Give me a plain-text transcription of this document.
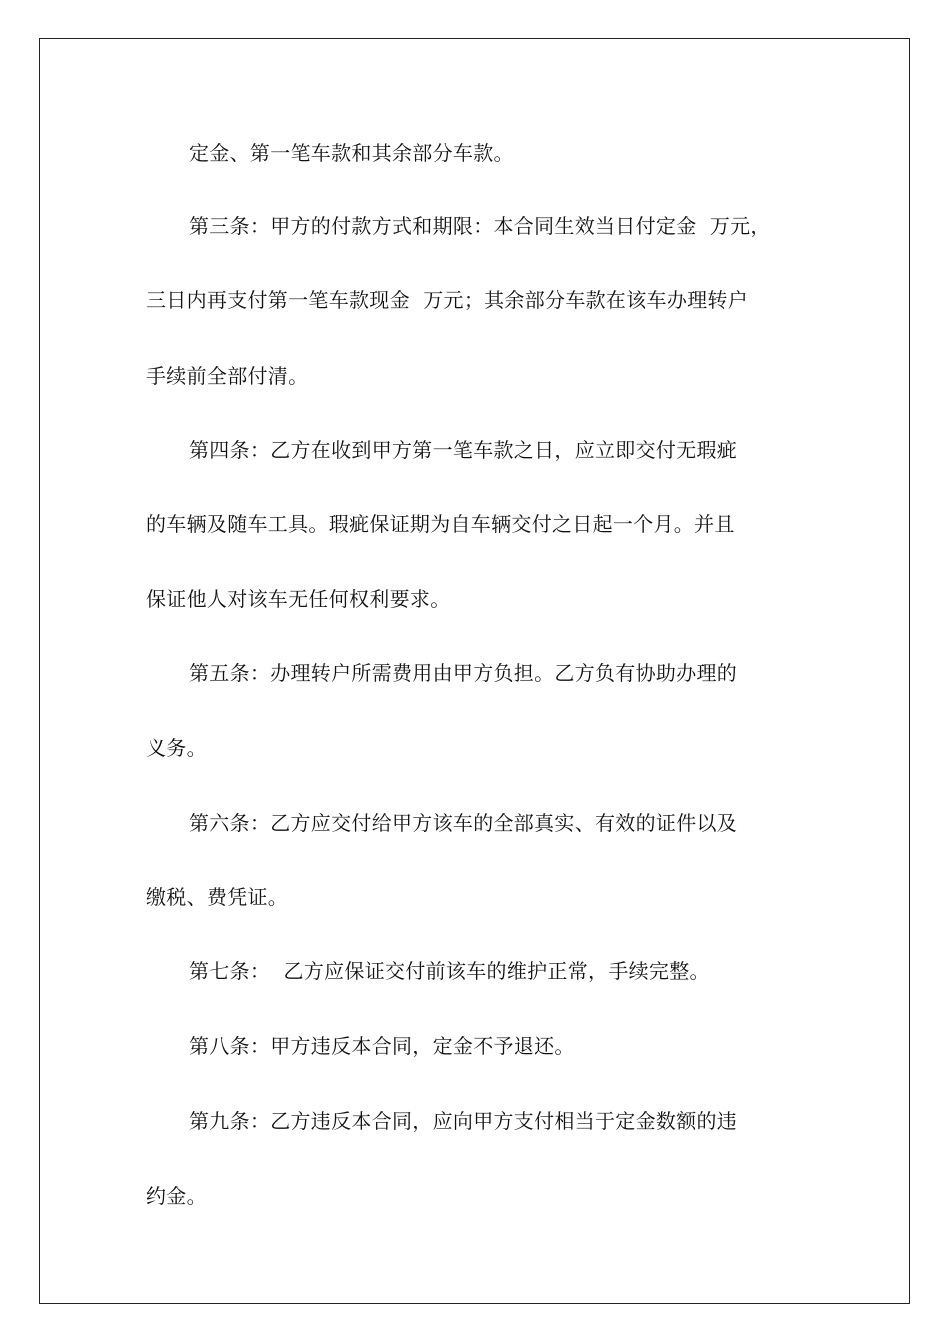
定金、第一笔车款和其余部分车款。
第三条：甲方的付款方式和期限：本合同生效当日付定金  万元，
三日内再支付第一笔车款现金  万元；其余部分车款在该车办理转户
手续前全部付清。
第四条：乙方在收到甲方第一笔车款之日，应立即交付无瑕疵
的车辆及随车工具。瑕疵保证期为自车辆交付之日起一个月。并且
保证他人对该车无任何权利要求。
第五条：办理转户所需费用由甲方负担。乙方负有协助办理的
义务。
第六条：乙方应交付给甲方该车的全部真实、有效的证件以及
缴税、费凭证。
第七条：  乙方应保证交付前该车的维护正常，手续完整。
第八条：甲方违反本合同，定金不予退还。
第九条：乙方违反本合同，应向甲方支付相当于定金数额的违
约金。
